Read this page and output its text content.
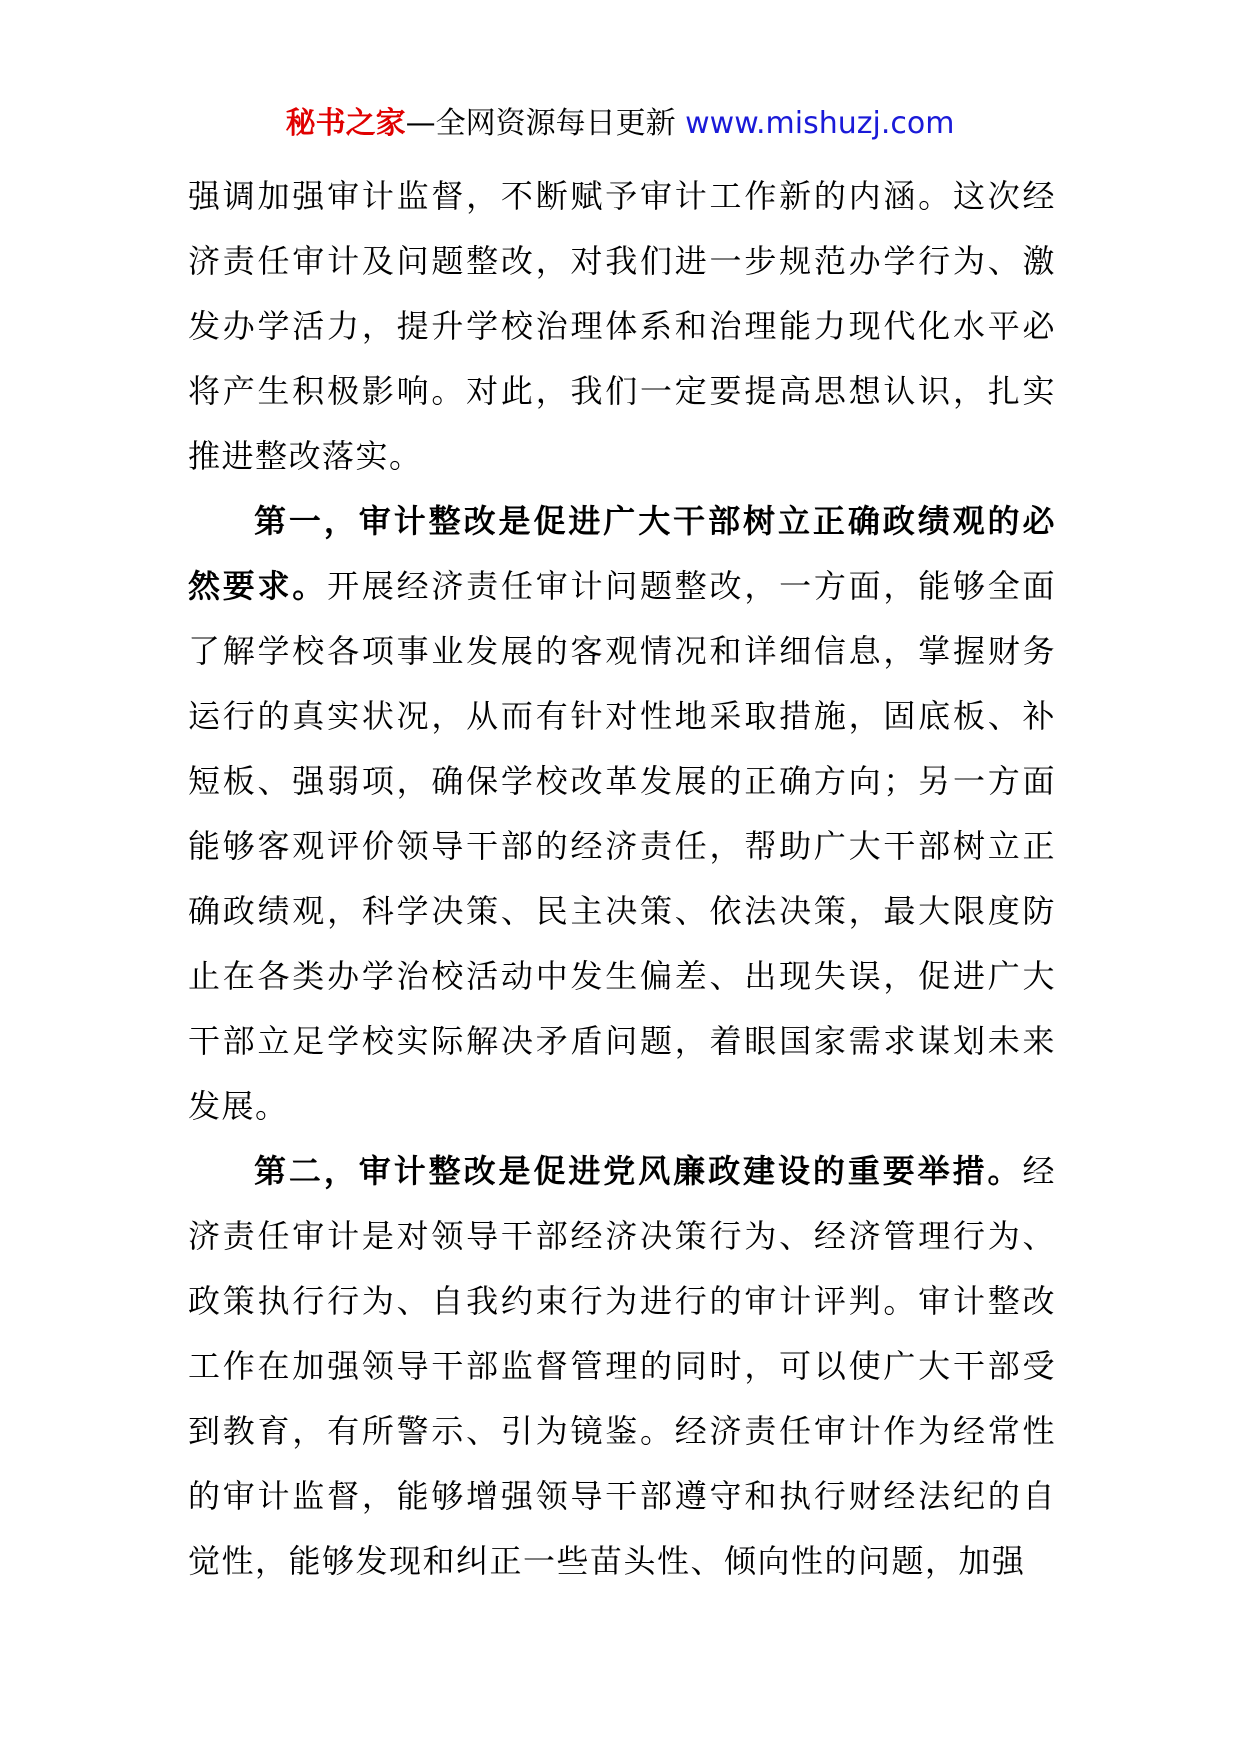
秘书之家—全网资源每日更新 www.mishuzj.com

强调加强审计监督，不断赋予审计工作新的内涵。这次经济责任审计及问题整改，对我们进一步规范办学行为、激发办学活力，提升学校治理体系和治理能力现代化水平必将产生积极影响。对此，我们一定要提高思想认识，扎实推进整改落实。

第一，审计整改是促进广大干部树立正确政绩观的必然要求。开展经济责任审计问题整改，一方面，能够全面了解学校各项事业发展的客观情况和详细信息，掌握财务运行的真实状况，从而有针对性地采取措施，固底板、补短板、强弱项，确保学校改革发展的正确方向；另一方面能够客观评价领导干部的经济责任，帮助广大干部树立正确政绩观，科学决策、民主决策、依法决策，最大限度防止在各类办学治校活动中发生偏差、出现失误，促进广大干部立足学校实际解决矛盾问题，着眼国家需求谋划未来发展。

第二，审计整改是促进党风廉政建设的重要举措。经济责任审计是对领导干部经济决策行为、经济管理行为、政策执行行为、自我约束行为进行的审计评判。审计整改工作在加强领导干部监督管理的同时，可以使广大干部受到教育，有所警示、引为镜鉴。经济责任审计作为经常性的审计监督，能够增强领导干部遵守和执行财经法纪的自觉性，能够发现和纠正一些苗头性、倾向性的问题，加强
